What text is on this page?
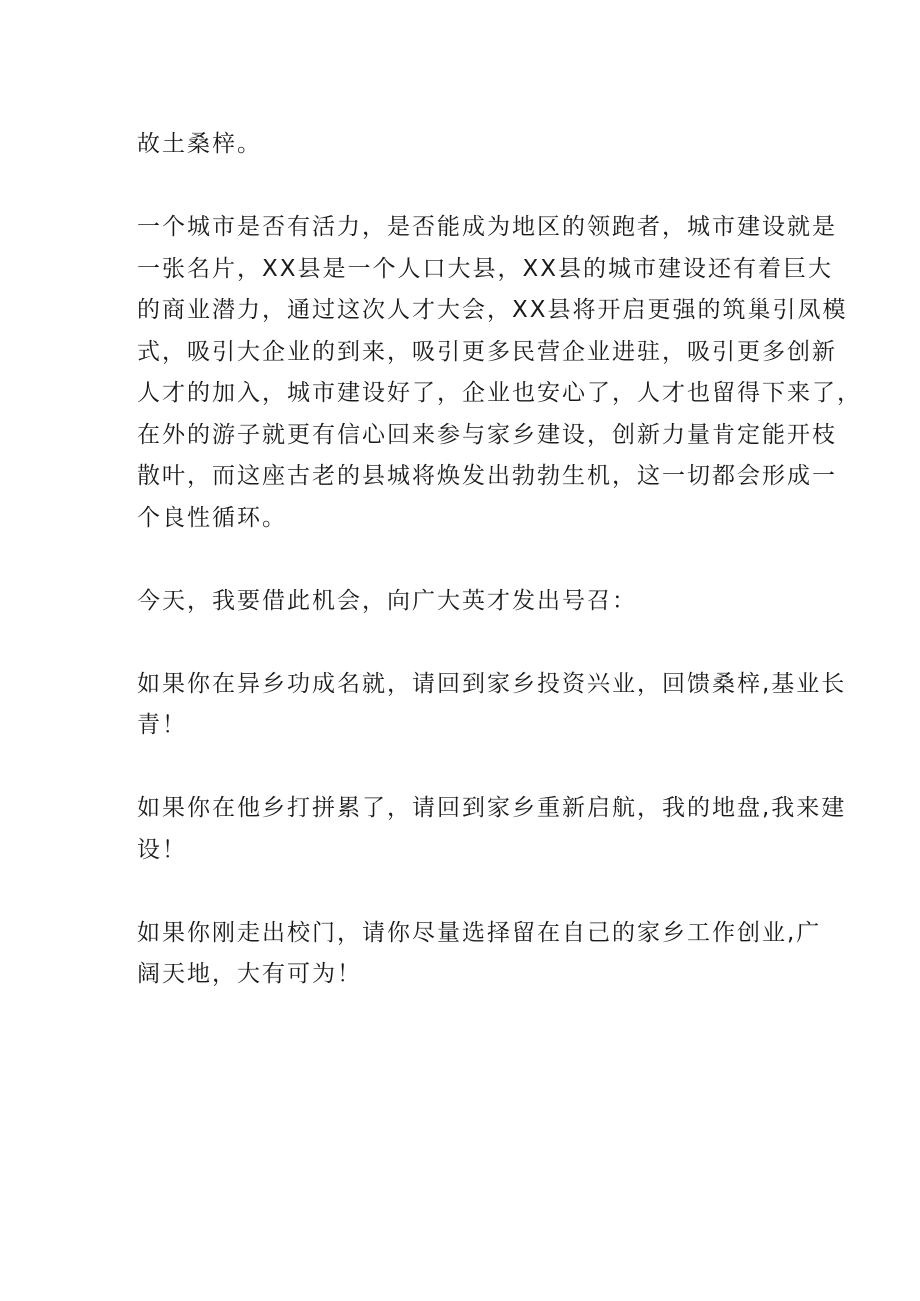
故土桑梓。

一个城市是否有活力，是否能成为地区的领跑者，城市建设就是
一张名片，XX县是一个人口大县，XX县的城市建设还有着巨大
的商业潜力，通过这次人才大会，XX县将开启更强的筑巢引凤模
式，吸引大企业的到来，吸引更多民营企业进驻，吸引更多创新
人才的加入，城市建设好了，企业也安心了，人才也留得下来了，
在外的游子就更有信心回来参与家乡建设，创新力量肯定能开枝
散叶，而这座古老的县城将焕发出勃勃生机，这一切都会形成一
个良性循环。

今天，我要借此机会，向广大英才发出号召：

如果你在异乡功成名就，请回到家乡投资兴业，回馈桑梓,基业长
青！

如果你在他乡打拼累了，请回到家乡重新启航，我的地盘,我来建
设！

如果你刚走出校门，请你尽量选择留在自己的家乡工作创业,广
阔天地，大有可为！
